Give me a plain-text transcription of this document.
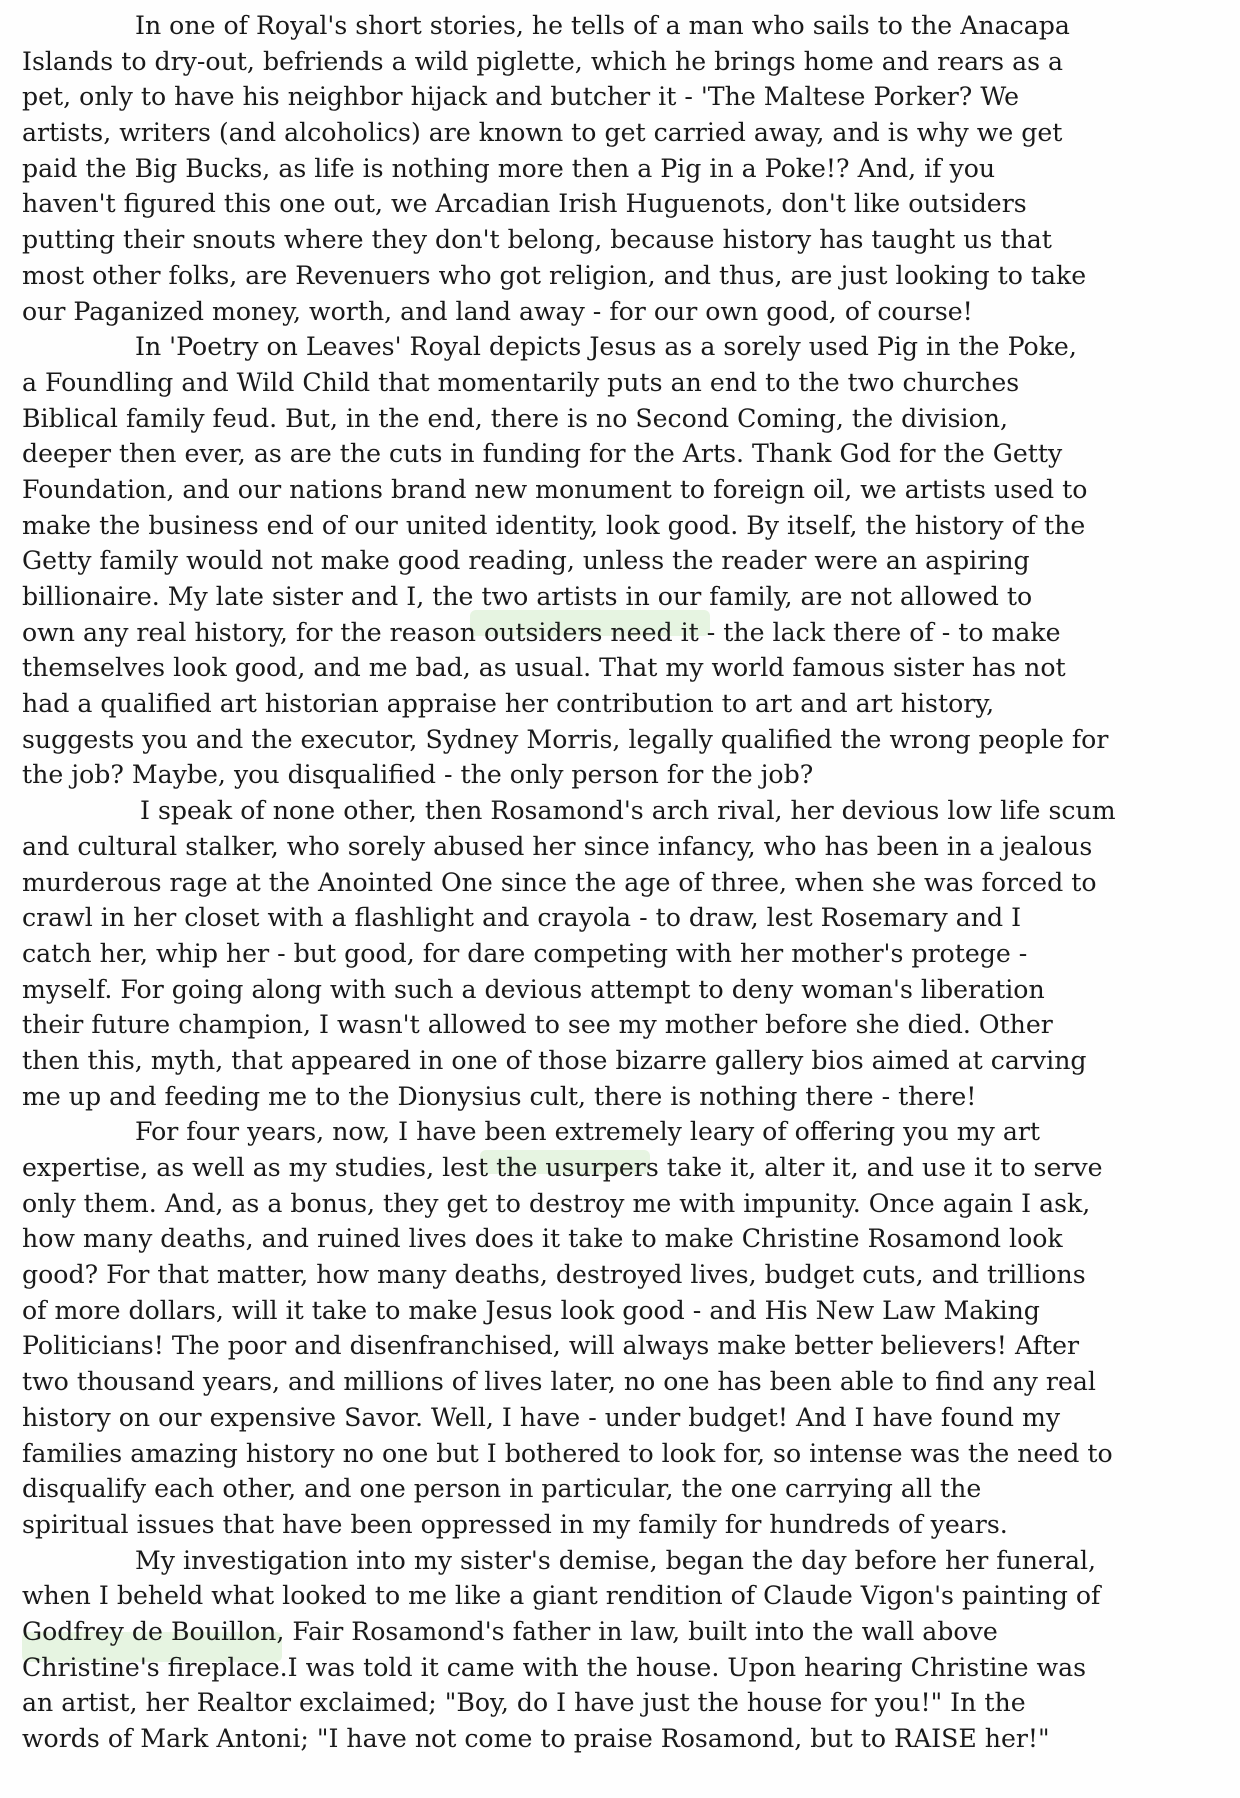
In one of Royal's short stories, he tells of a man who sails to the Anacapa
Islands to dry-out, befriends a wild piglette, which he brings home and rears as a
pet, only to have his neighbor hijack and butcher it - 'The Maltese Porker? We
artists, writers (and alcoholics) are known to get carried away, and is why we get
paid the Big Bucks, as life is nothing more then a Pig in a Poke!? And, if you
haven't figured this one out, we Arcadian Irish Huguenots, don't like outsiders
putting their snouts where they don't belong, because history has taught us that
most other folks, are Revenuers who got religion, and thus, are just looking to take
our Paganized money, worth, and land away - for our own good, of course!
In 'Poetry on Leaves' Royal depicts Jesus as a sorely used Pig in the Poke,
a Foundling and Wild Child that momentarily puts an end to the two churches
Biblical family feud. But, in the end, there is no Second Coming, the division,
deeper then ever, as are the cuts in funding for the Arts. Thank God for the Getty
Foundation, and our nations brand new monument to foreign oil, we artists used to
make the business end of our united identity, look good. By itself, the history of the
Getty family would not make good reading, unless the reader were an aspiring
billionaire. My late sister and I, the two artists in our family, are not allowed to
own any real history, for the reason outsiders need it - the lack there of - to make
themselves look good, and me bad, as usual. That my world famous sister has not
had a qualified art historian appraise her contribution to art and art history,
suggests you and the executor, Sydney Morris, legally qualified the wrong people for
the job? Maybe, you disqualified - the only person for the job?
I speak of none other, then Rosamond's arch rival, her devious low life scum
and cultural stalker, who sorely abused her since infancy, who has been in a jealous
murderous rage at the Anointed One since the age of three, when she was forced to
crawl in her closet with a flashlight and crayola - to draw, lest Rosemary and I
catch her, whip her - but good, for dare competing with her mother's protege -
myself. For going along with such a devious attempt to deny woman's liberation
their future champion, I wasn't allowed to see my mother before she died. Other
then this, myth, that appeared in one of those bizarre gallery bios aimed at carving
me up and feeding me to the Dionysius cult, there is nothing there - there!
For four years, now, I have been extremely leary of offering you my art
expertise, as well as my studies, lest the usurpers take it, alter it, and use it to serve
only them. And, as a bonus, they get to destroy me with impunity. Once again I ask,
how many deaths, and ruined lives does it take to make Christine Rosamond look
good? For that matter, how many deaths, destroyed lives, budget cuts, and trillions
of more dollars, will it take to make Jesus look good - and His New Law Making
Politicians! The poor and disenfranchised, will always make better believers! After
two thousand years, and millions of lives later, no one has been able to find any real
history on our expensive Savor. Well, I have - under budget! And I have found my
families amazing history no one but I bothered to look for, so intense was the need to
disqualify each other, and one person in particular, the one carrying all the
spiritual issues that have been oppressed in my family for hundreds of years.
My investigation into my sister's demise, began the day before her funeral,
when I beheld what looked to me like a giant rendition of Claude Vigon's painting of
Godfrey de Bouillon, Fair Rosamond's father in law, built into the wall above
Christine's fireplace.I was told it came with the house. Upon hearing Christine was
an artist, her Realtor exclaimed; "Boy, do I have just the house for you!" In the
words of Mark Antoni; "I have not come to praise Rosamond, but to RAISE her!"
